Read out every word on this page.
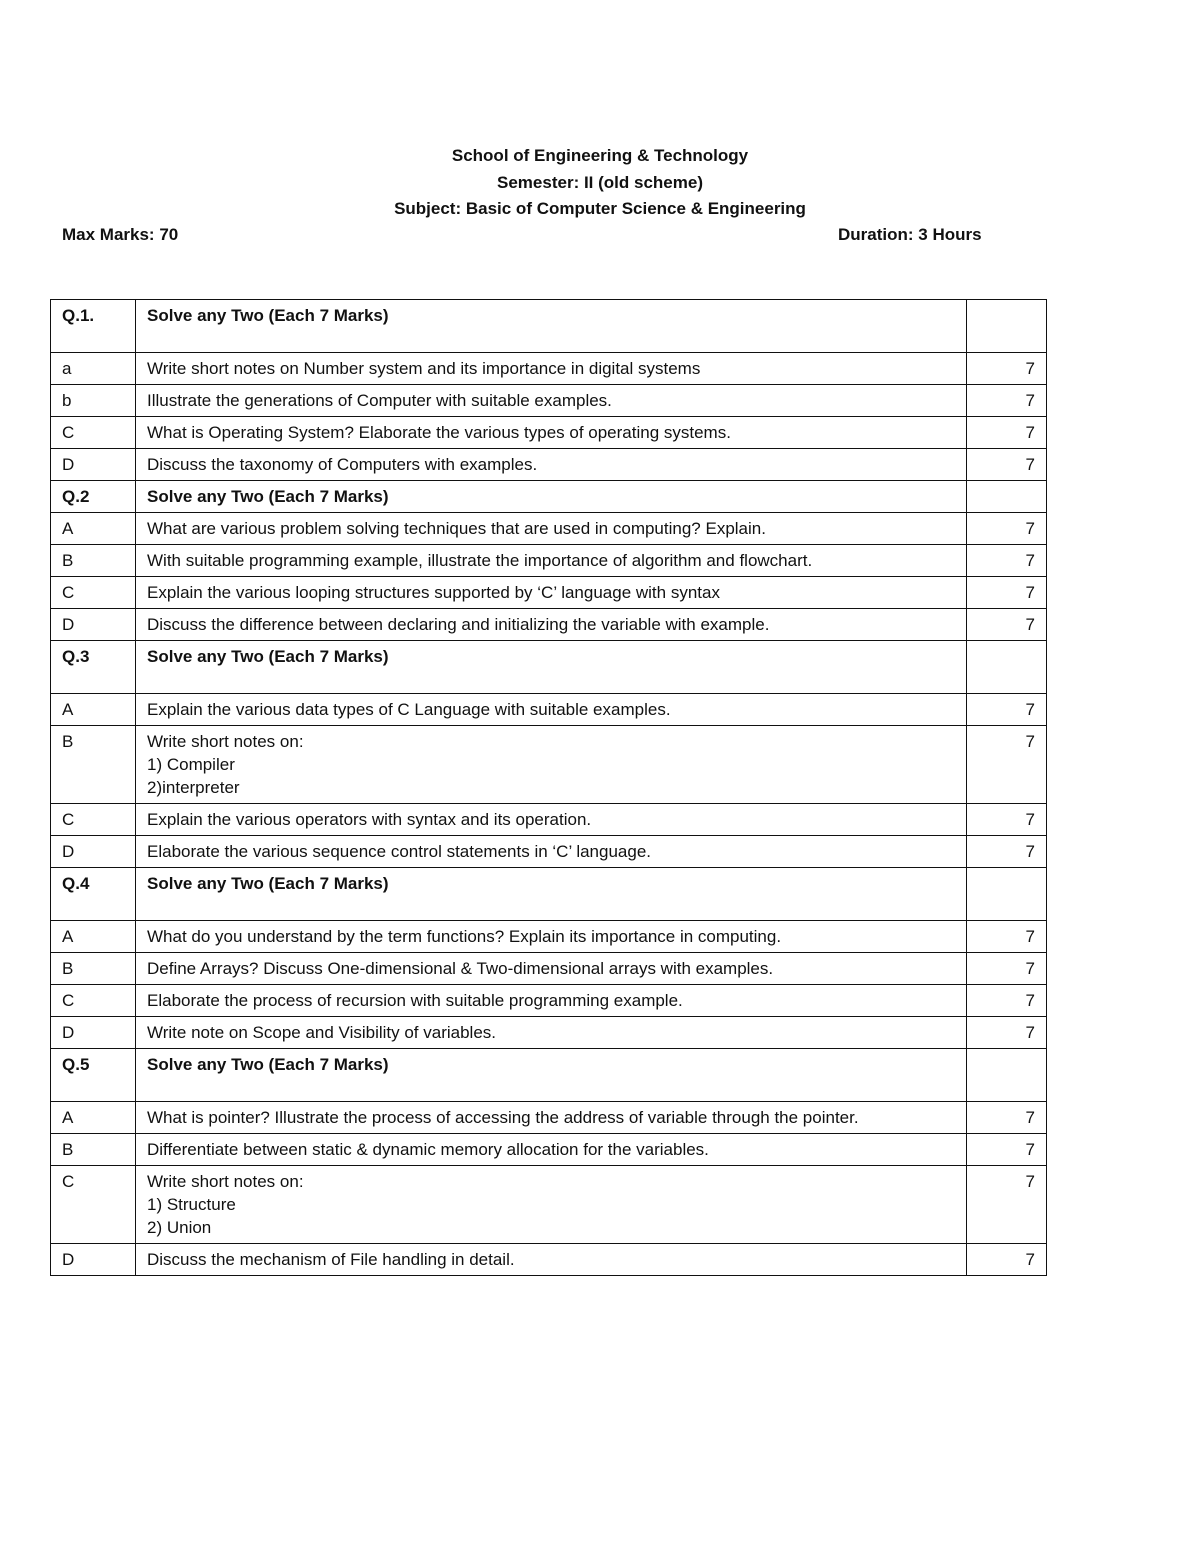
School of Engineering & Technology
Semester: II (old scheme)
Subject: Basic of Computer Science & Engineering
Max Marks: 70	Duration: 3 Hours
Q.1.	Solve any Two (Each 7 Marks)	
a	Write short notes on Number system and its importance in digital systems	7
b	Illustrate the generations of Computer with suitable examples.	7
C	What is Operating System? Elaborate the various types of operating systems.	7
D	Discuss the taxonomy of Computers with examples.	7
Q.2	Solve any Two (Each 7 Marks)	
A	What are various problem solving techniques that are used in computing? Explain.	7
B	With suitable programming example, illustrate the importance of algorithm and flowchart.	7
C	Explain the various looping structures supported by ‘C’ language with syntax	7
D	Discuss the difference between declaring and initializing the variable with example.	7
Q.3	Solve any Two (Each 7 Marks)	
A	Explain the various data types of C Language with suitable examples.	7
B	Write short notes on:
1) Compiler
2)interpreter	7
C	Explain the various operators with syntax and its operation.	7
D	Elaborate the various sequence control statements in ‘C’ language.	7
Q.4	Solve any Two (Each 7 Marks)	
A	What do you understand by the term functions? Explain its importance in computing.	7
B	Define Arrays? Discuss One-dimensional & Two-dimensional arrays with examples.	7
C	Elaborate the process of recursion with suitable programming example.	7
D	Write note on Scope and Visibility of variables.	7
Q.5	Solve any Two (Each 7 Marks)	
A	What is pointer? Illustrate the process of accessing the address of variable through the pointer.	7
B	Differentiate between static & dynamic memory allocation for the variables.	7
C	Write short notes on:
1) Structure
2) Union	7
D	Discuss the mechanism of File handling in detail.	7
